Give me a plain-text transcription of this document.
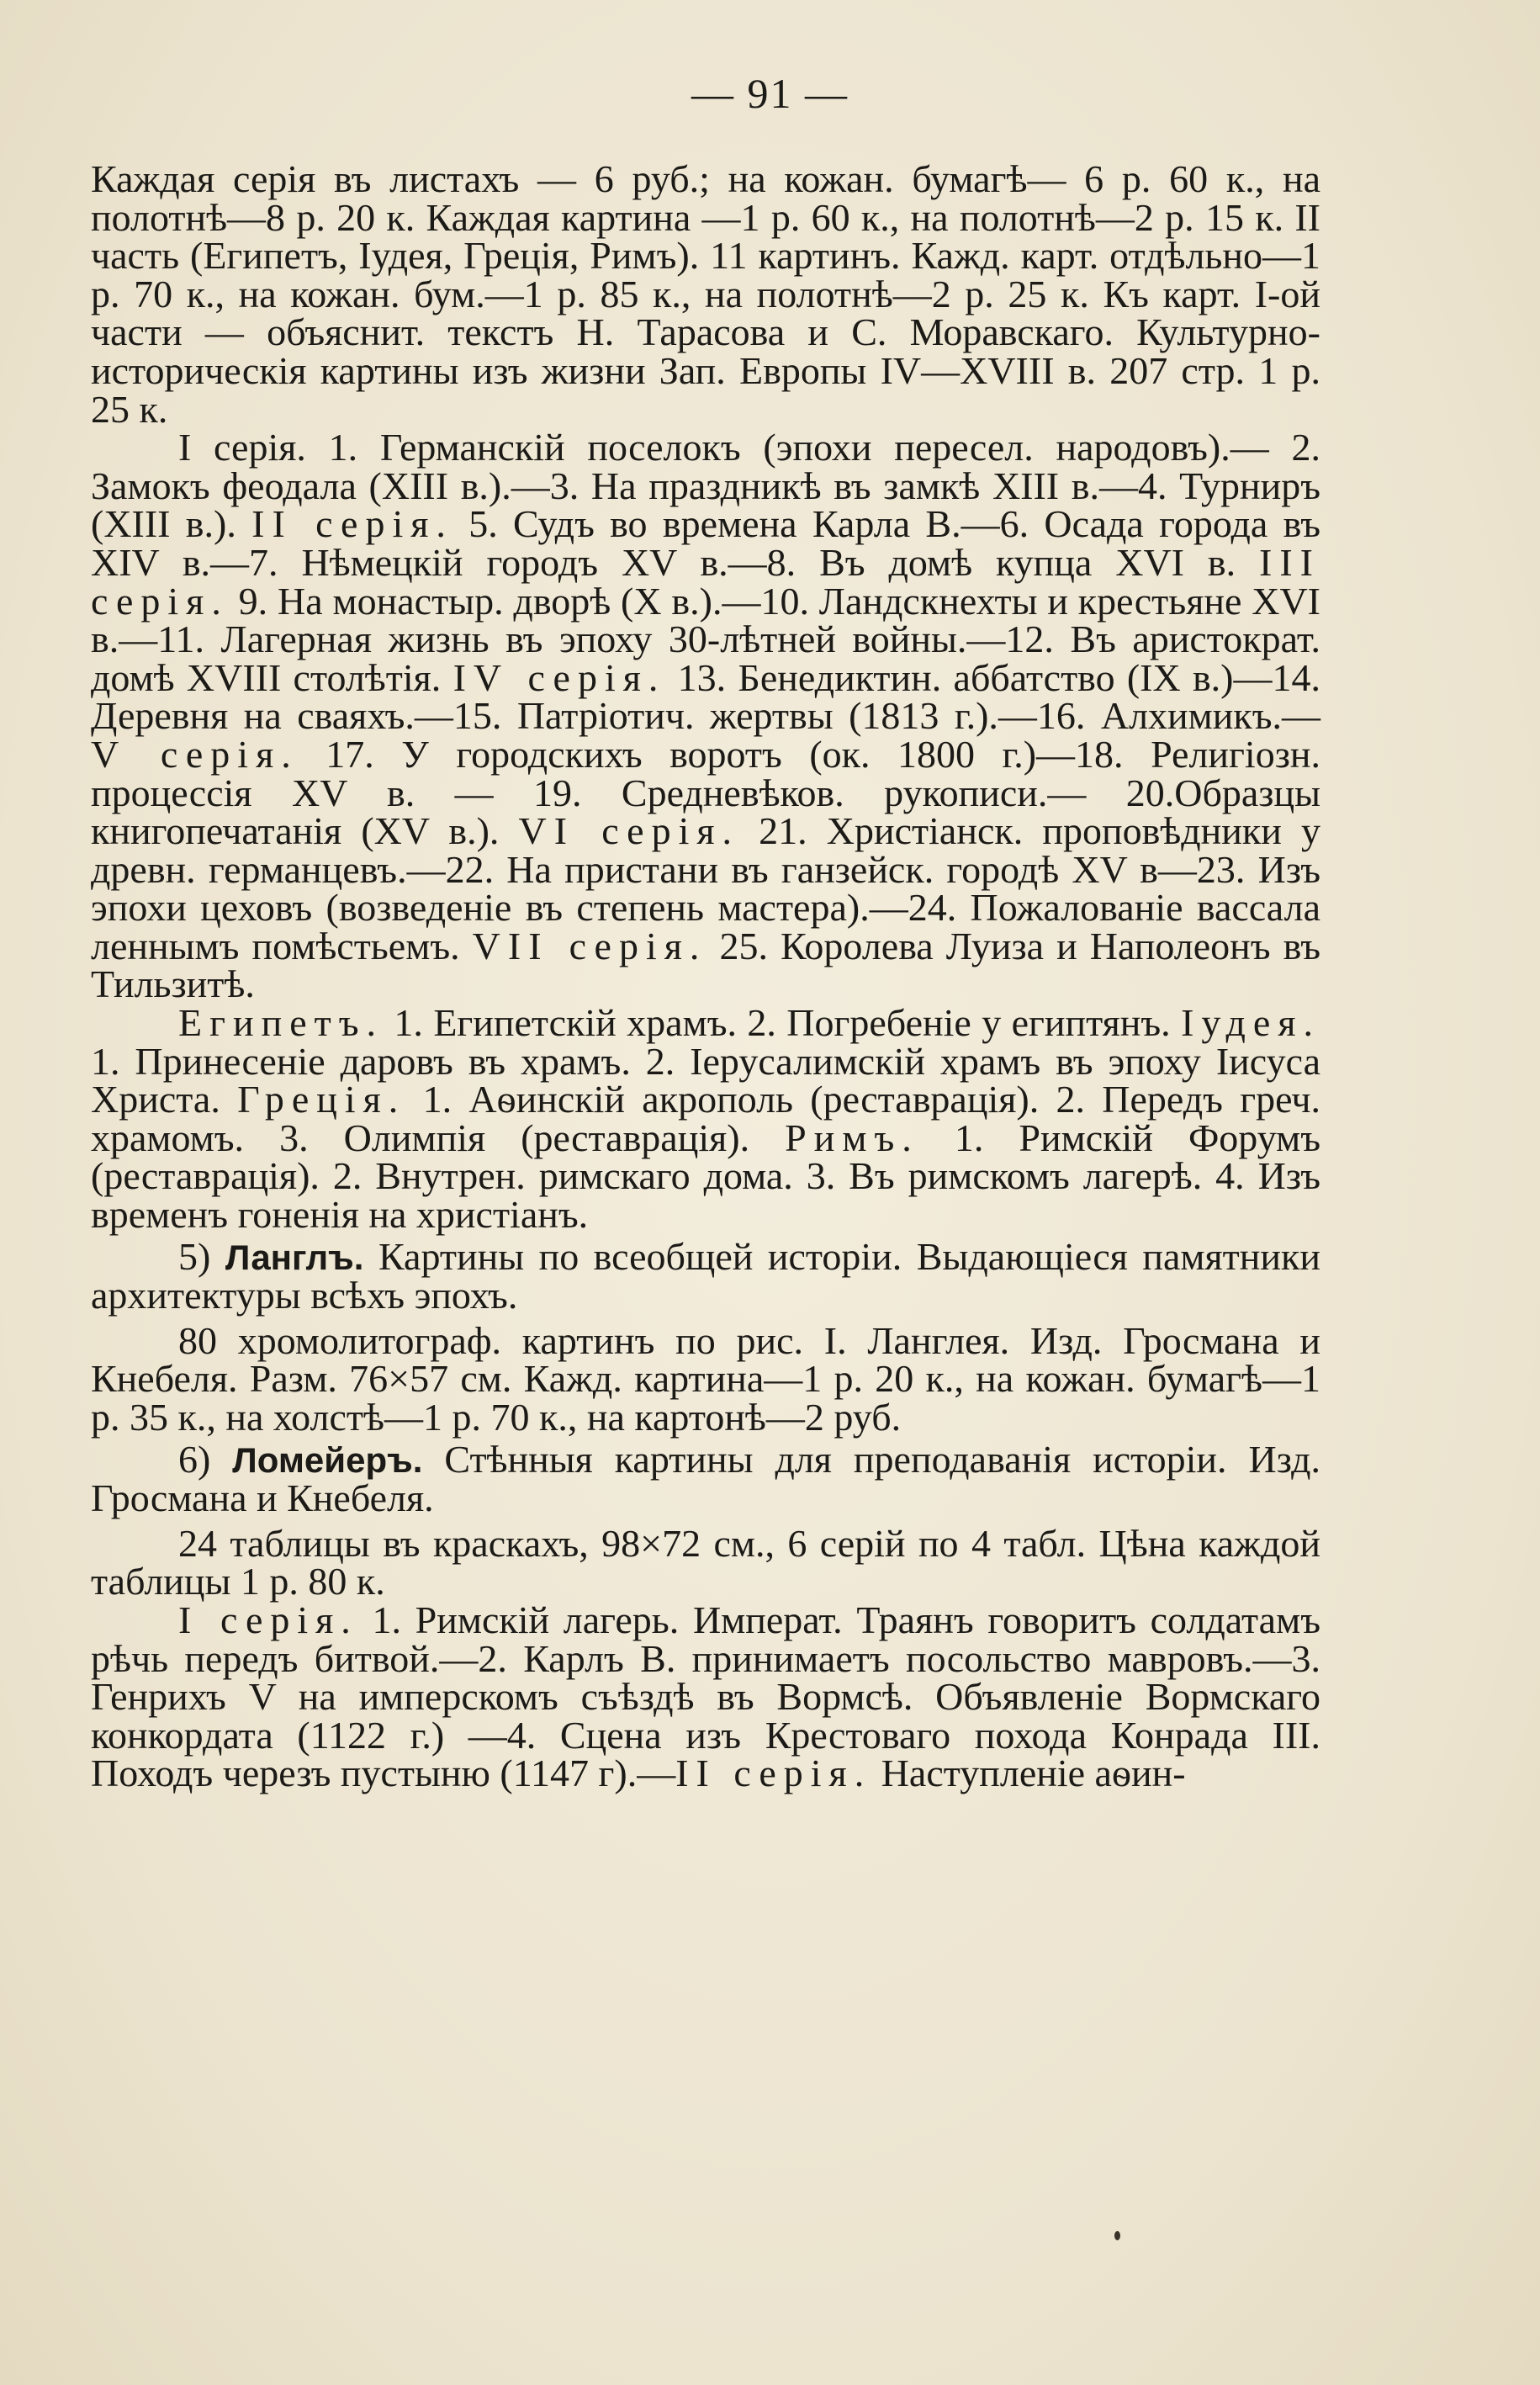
— 91 —

Каждая серія въ листахъ — 6 руб.; на кожан. бумагѣ— 6 р. 60 к., на полотнѣ—8 р. 20 к. Каждая картина —1 р. 60 к., на полотнѣ—2 р. 15 к. II часть (Египетъ, Іудея, Греція, Римъ). 11 картинъ. Кажд. карт. отдѣльно—1 р. 70 к., на кожан. бум.—1 р. 85 к., на полотнѣ—2 р. 25 к. Къ карт. І-ой части — объяснит. текстъ Н. Тарасова и С. Моравскаго. Культурно-историческія картины изъ жизни Зап. Европы IV—XVIII в. 207 стр. 1 р. 25 к.

I серія. 1. Германскій поселокъ (эпохи пересел. народовъ).— 2. Замокъ феодала (XIII в.).—3. На праздникѣ въ замкѣ XIII в.—4. Турниръ (XIII в.). II серія. 5. Судъ во времена Карла В.—6. Осада города въ XIV в.—7. Нѣмецкій городъ XV в.—8. Въ домѣ купца XVI в. III серія. 9. На монастыр. дворѣ (X в.).—10. Ландскнехты и крестьяне XVI в.—11. Лагерная жизнь въ эпоху 30-лѣтней войны.—12. Въ аристократ. домѣ XVIII столѣтія. IV серія. 13. Бенедиктин. аббатство (IX в.)—14. Деревня на сваяхъ.—15. Патріотич. жертвы (1813 г.).—16. Алхимикъ.— V серія. 17. У городскихъ воротъ (ок. 1800 г.)—18. Религіозн. процессія XV в. — 19. Средневѣков. рукописи.— 20.Образцы книгопечатанія (XV в.). VI серія. 21. Христіанск. проповѣдники у древн. германцевъ.—22. На пристани въ ганзейск. городѣ XV в—23. Изъ эпохи цеховъ (возведеніе въ степень мастера).—24. Пожалованіе вассала леннымъ помѣстьемъ. VII серія. 25. Королева Луиза и Наполеонъ въ Тильзитѣ.

Египетъ. 1. Египетскій храмъ. 2. Погребеніе у египтянъ. Іудея. 1. Принесеніе даровъ въ храмъ. 2. Іерусалимскій храмъ въ эпоху Іисуса Христа. Греція. 1. Аѳинскій акрополь (реставрація). 2. Передъ греч. храмомъ. 3. Олимпія (реставрація). Римъ. 1. Римскій Форумъ (реставрація). 2. Внутрен. римскаго дома. 3. Въ римскомъ лагерѣ. 4. Изъ временъ гоненія на христіанъ.

5) Ланглъ. Картины по всеобщей исторіи. Выдающіеся памятники архитектуры всѣхъ эпохъ.

80 хромолитограф. картинъ по рис. І. Ланглея. Изд. Гросмана и Кнебеля. Разм. 76×57 см. Кажд. картина—1 р. 20 к., на кожан. бумагѣ—1 р. 35 к., на холстѣ—1 р. 70 к., на картонѣ—2 руб.

6) Ломейеръ. Стѣнныя картины для преподаванія исторіи. Изд. Гросмана и Кнебеля.

24 таблицы въ краскахъ, 98×72 см., 6 серій по 4 табл. Цѣна каждой таблицы 1 р. 80 к.

I серія. 1. Римскій лагерь. Императ. Траянъ говоритъ солдатамъ рѣчь передъ битвой.—2. Карлъ В. принимаетъ посольство мавровъ.—3. Генрихъ V на имперскомъ съѣздѣ въ Вормсѣ. Объявленіе Вормскаго конкордата (1122 г.) —4. Сцена изъ Крестоваго похода Конрада III. Походъ черезъ пустыню (1147 г).—II серія. Наступленіе аѳин-
